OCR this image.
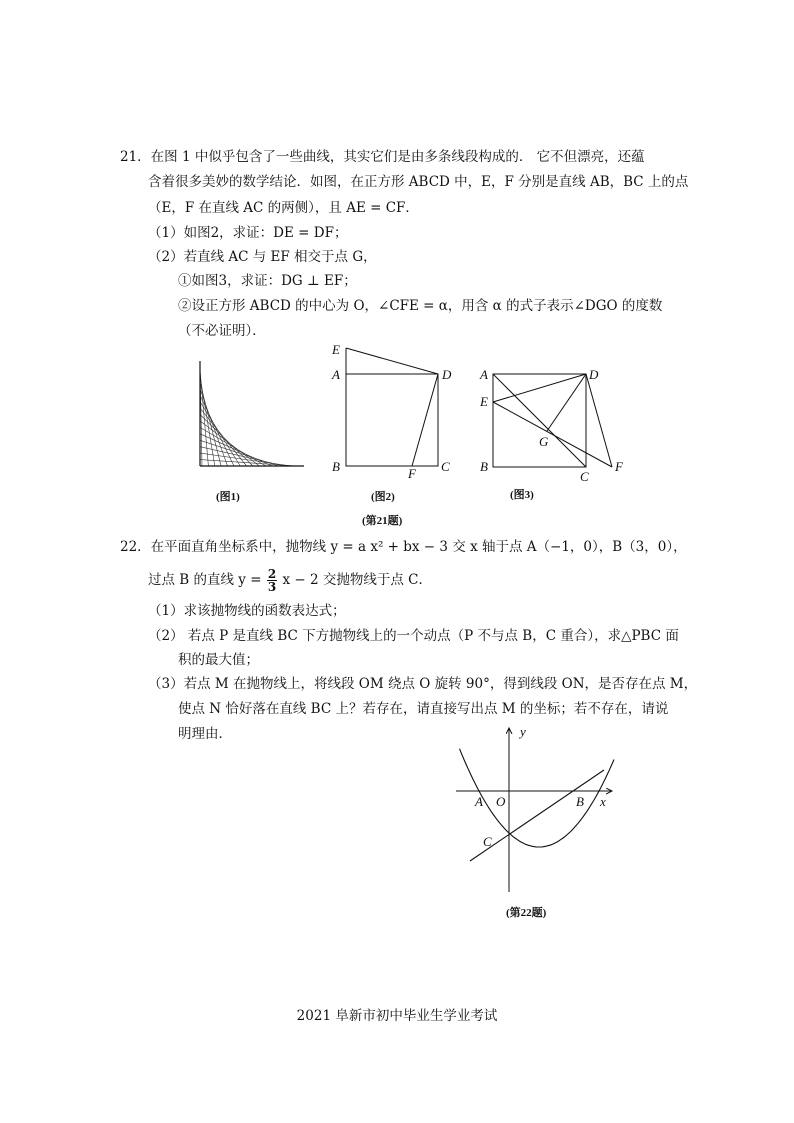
21．在图 1 中似乎包含了一些曲线，其实它们是由多条线段构成的． 它不但漂亮，还蕴
含着很多美妙的数学结论．如图，在正方形 ABCD 中，E，F 分别是直线 AB，BC 上的点
（E，F 在直线 AC 的两侧），且 AE = CF．
（1）如图2，求证：DE = DF；
（2）若直线 AC 与 EF 相交于点 G，
①如图3，求证：DG ⊥ EF；
②设正方形 ABCD 的中心为 O，∠CFE = α，用含 α 的式子表示∠DGO 的度数
（不必证明）．
(图1)
E
A	D
B	F C
(图2)
A	D
E
G
B
C
F
(图3)
(第21题)
22．在平面直角坐标系中，抛物线 y = a x² + bx − 3 交 x 轴于点 A（−1，0），B（3，0），
过点 B 的直线 $y = \frac{2}{3}$ x − 2 交抛物线于点 C．
（1）求该抛物线的函数表达式；
（2） 若点 P 是直线 BC 下方抛物线上的一个动点（P 不与点 B，C 重合），求△PBC 面
积的最大值；
（3）若点 M 在抛物线上，将线段 OM 绕点 O 旋转 90°，得到线段 ON，是否存在点 M，
使点 N 恰好落在直线 BC 上？若存在，请直接写出点 M 的坐标；若不存在，请说
明理由．	y
x
A O	B
C
(第22题)
2021 阜新市初中毕业生学业考试
